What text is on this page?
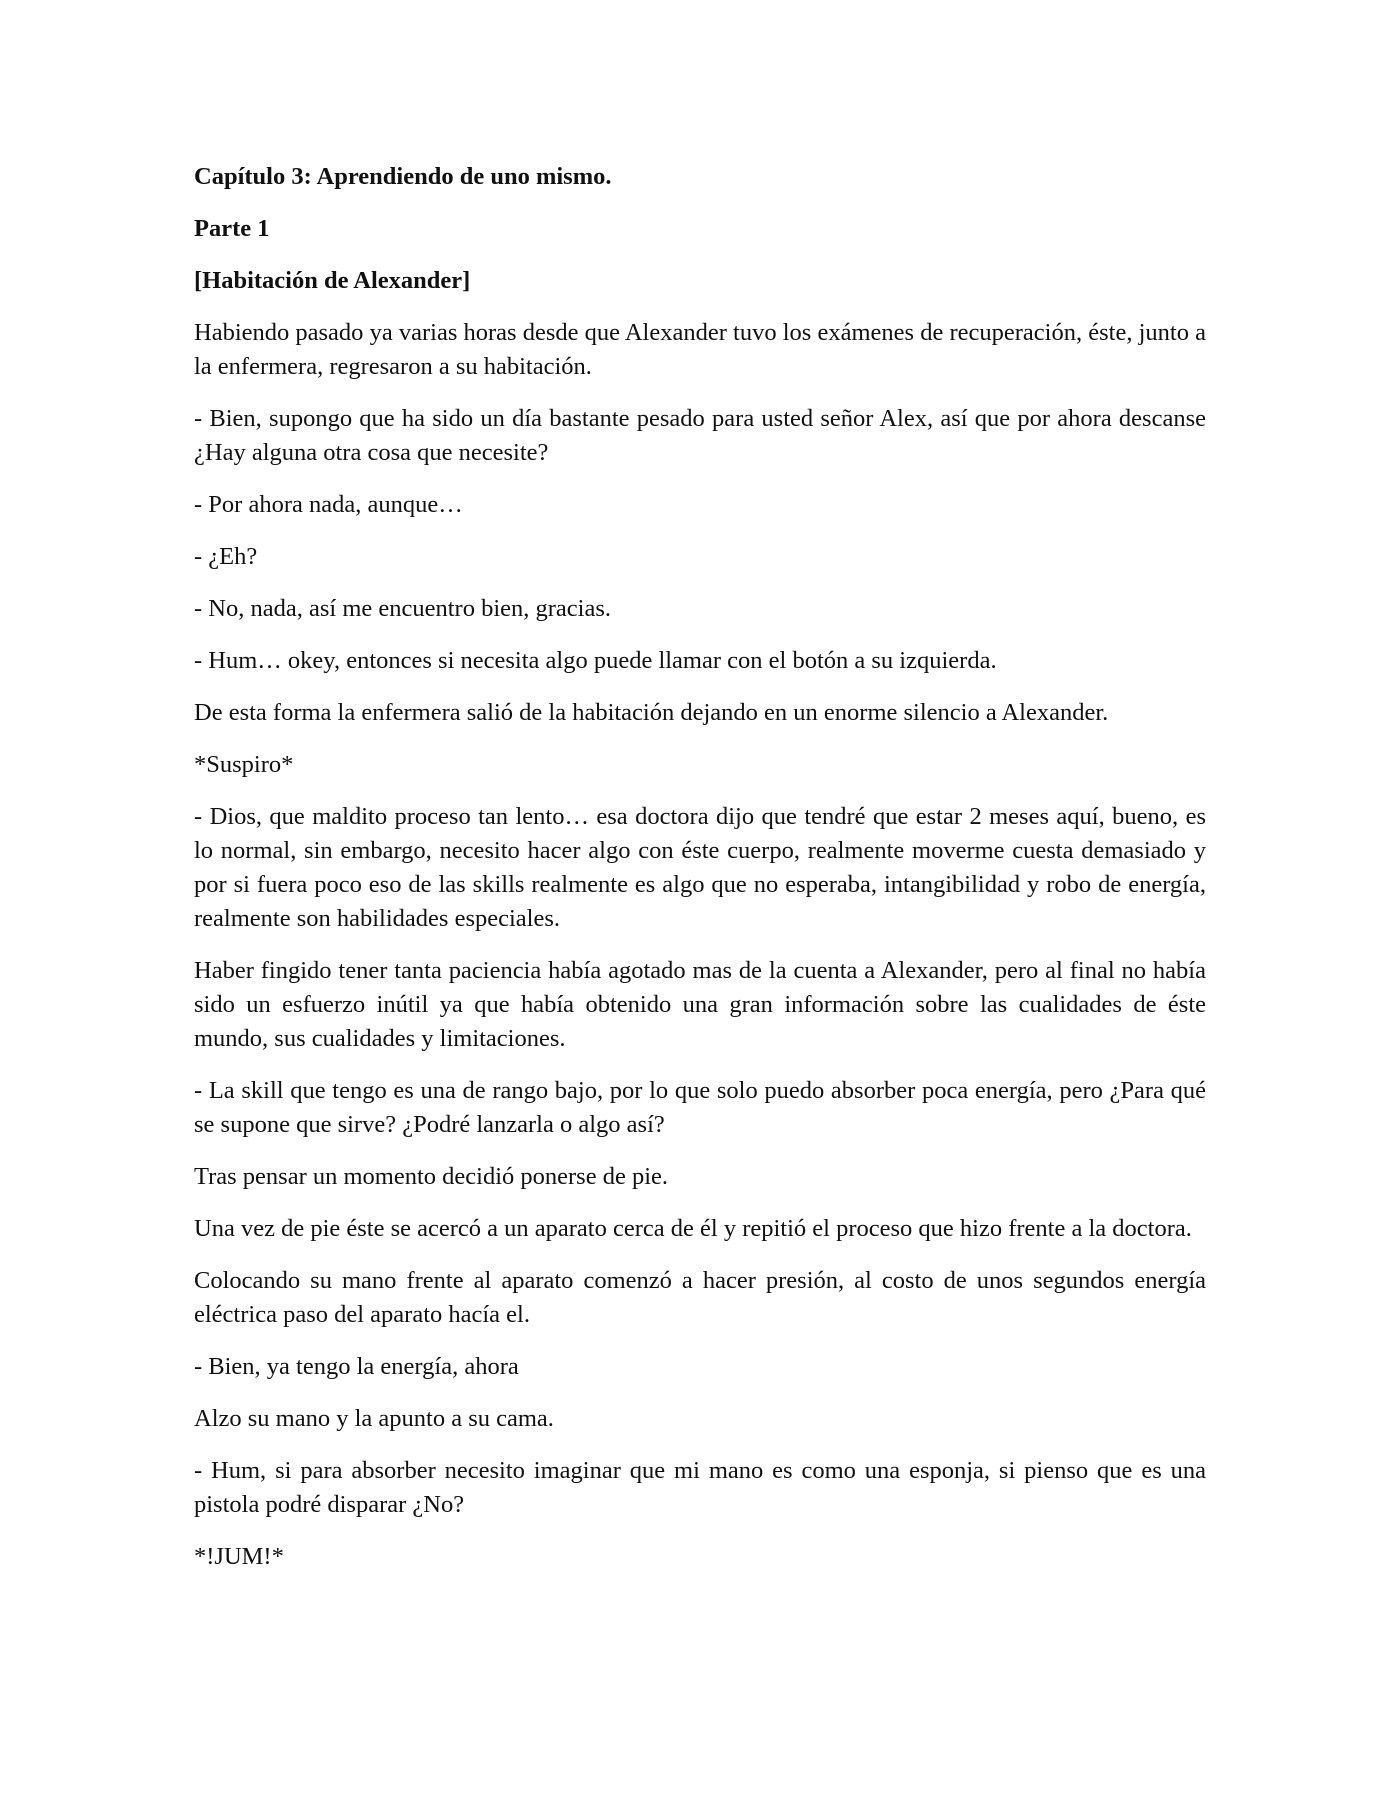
Capítulo 3: Aprendiendo de uno mismo.

Parte 1

[Habitación de Alexander]

Habiendo pasado ya varias horas desde que Alexander tuvo los exámenes de recuperación, éste, junto a la enfermera, regresaron a su habitación.

- Bien, supongo que ha sido un día bastante pesado para usted señor Alex, así que por ahora descanse ¿Hay alguna otra cosa que necesite?

- Por ahora nada, aunque…

- ¿Eh?

- No, nada, así me encuentro bien, gracias.

- Hum… okey, entonces si necesita algo puede llamar con el botón a su izquierda.

De esta forma la enfermera salió de la habitación dejando en un enorme silencio a Alexander.

*Suspiro*

- Dios, que maldito proceso tan lento… esa doctora dijo que tendré que estar 2 meses aquí, bueno, es lo normal, sin embargo, necesito hacer algo con éste cuerpo, realmente moverme cuesta demasiado y por si fuera poco eso de las skills realmente es algo que no esperaba, intangibilidad y robo de energía, realmente son habilidades especiales.

Haber fingido tener tanta paciencia había agotado mas de la cuenta a Alexander, pero al final no había sido un esfuerzo inútil ya que había obtenido una gran información sobre las cualidades de éste mundo, sus cualidades y limitaciones.

- La skill que tengo es una de rango bajo, por lo que solo puedo absorber poca energía, pero ¿Para qué se supone que sirve? ¿Podré lanzarla o algo así?

Tras pensar un momento decidió ponerse de pie.

Una vez de pie éste se acercó a un aparato cerca de él y repitió el proceso que hizo frente a la doctora.

Colocando su mano frente al aparato comenzó a hacer presión, al costo de unos segundos energía eléctrica paso del aparato hacía el.

- Bien, ya tengo la energía, ahora

Alzo su mano y la apunto a su cama.

- Hum, si para absorber necesito imaginar que mi mano es como una esponja, si pienso que es una pistola podré disparar ¿No?

*!JUM!*
